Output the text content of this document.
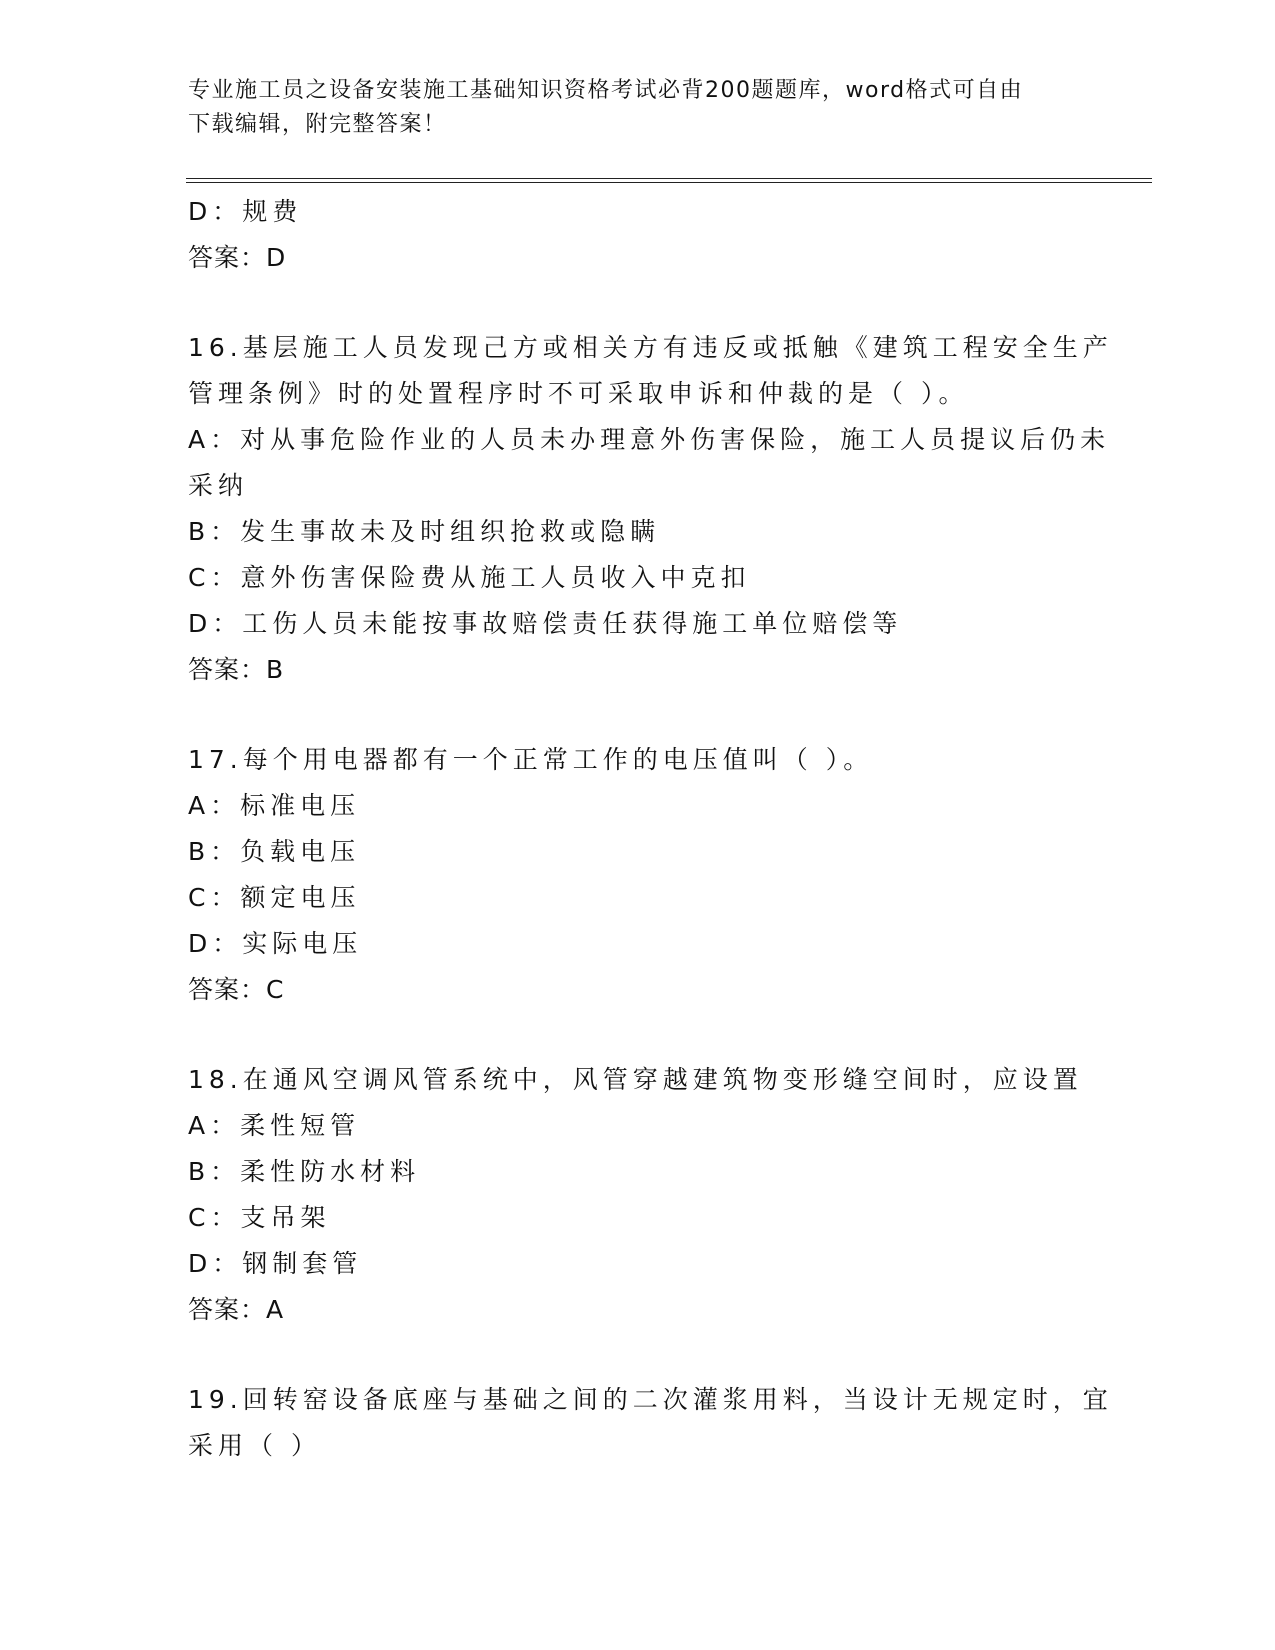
专业施工员之设备安装施工基础知识资格考试必背200题题库，word格式可自由
下载编辑，附完整答案！
D：规费
答案：D
16.基层施工人员发现己方或相关方有违反或抵触《建筑工程安全生产
管理条例》时的处置程序时不可采取申诉和仲裁的是（ ）。
A：对从事危险作业的人员未办理意外伤害保险，施工人员提议后仍未
采纳
B：发生事故未及时组织抢救或隐瞒
C：意外伤害保险费从施工人员收入中克扣
D：工伤人员未能按事故赔偿责任获得施工单位赔偿等
答案：B
17.每个用电器都有一个正常工作的电压值叫（ ）。
A：标准电压
B：负载电压
C：额定电压
D：实际电压
答案：C
18.在通风空调风管系统中，风管穿越建筑物变形缝空间时，应设置
A：柔性短管
B：柔性防水材料
C：支吊架
D：钢制套管
答案：A
19.回转窑设备底座与基础之间的二次灌浆用料，当设计无规定时，宜
采用（ ）
